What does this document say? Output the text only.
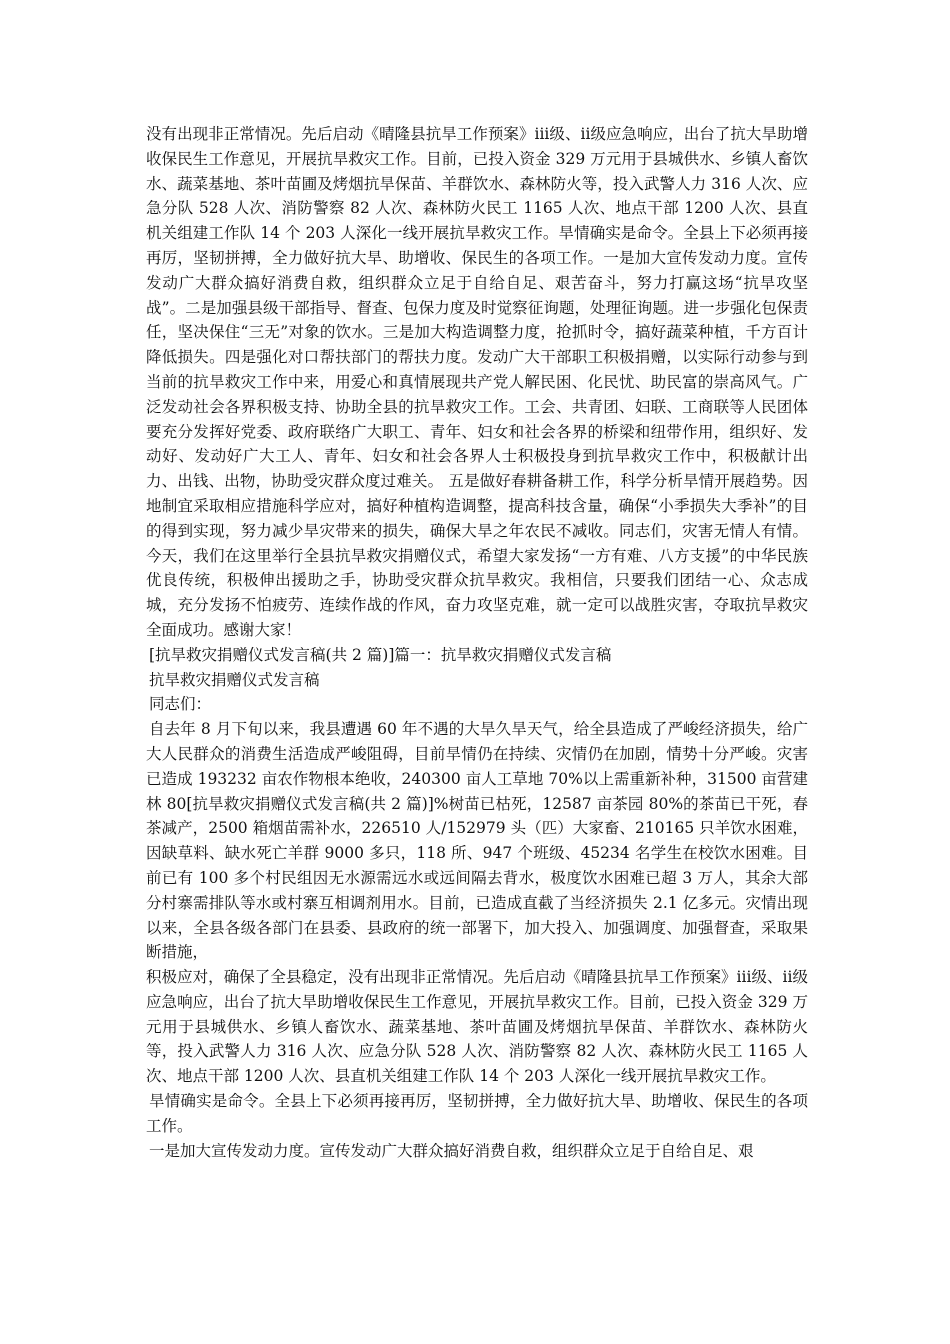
没有出现非正常情况。先后启动《晴隆县抗旱工作预案》iii级、ii级应急响应，出台了抗大旱助增收保民生工作意见，开展抗旱救灾工作。目前，已投入资金 329 万元用于县城供水、乡镇人畜饮水、蔬菜基地、茶叶苗圃及烤烟抗旱保苗、羊群饮水、森林防火等，投入武警人力 316 人次、应急分队 528 人次、消防警察 82 人次、森林防火民工 1165 人次、地点干部 1200 人次、县直机关组建工作队 14 个 203 人深化一线开展抗旱救灾工作。旱情确实是命令。全县上下必须再接再厉，坚韧拼搏，全力做好抗大旱、助增收、保民生的各项工作。一是加大宣传发动力度。宣传发动广大群众搞好消费自救，组织群众立足于自给自足、艰苦奋斗，努力打赢这场“抗旱攻坚战”。二是加强县级干部指导、督查、包保力度及时觉察征询题，处理征询题。进一步强化包保责任，坚决保住“三无”对象的饮水。三是加大构造调整力度，抢抓时令，搞好蔬菜种植，千方百计降低损失。四是强化对口帮扶部门的帮扶力度。发动广大干部职工积极捐赠，以实际行动参与到当前的抗旱救灾工作中来，用爱心和真情展现共产党人解民困、化民忧、助民富的崇高风气。广泛发动社会各界积极支持、协助全县的抗旱救灾工作。工会、共青团、妇联、工商联等人民团体要充分发挥好党委、政府联络广大职工、青年、妇女和社会各界的桥梁和纽带作用，组织好、发动好、发动好广大工人、青年、妇女和社会各界人士积极投身到抗旱救灾工作中，积极献计出力、出钱、出物，协助受灾群众度过难关。 五是做好春耕备耕工作，科学分析旱情开展趋势。因地制宜采取相应措施科学应对，搞好种植构造调整，提高科技含量，确保“小季损失大季补”的目的得到实现，努力减少旱灾带来的损失，确保大旱之年农民不减收。同志们，灾害无情人有情。今天，我们在这里举行全县抗旱救灾捐赠仪式，希望大家发扬“一方有难、八方支援”的中华民族优良传统，积极伸出援助之手，协助受灾群众抗旱救灾。我相信，只要我们团结一心、众志成城，充分发扬不怕疲劳、连续作战的作风，奋力攻坚克难，就一定可以战胜灾害，夺取抗旱救灾全面成功。感谢大家！

[抗旱救灾捐赠仪式发言稿(共 2 篇)]篇一：抗旱救灾捐赠仪式发言稿

抗旱救灾捐赠仪式发言稿

同志们：

自去年 8 月下旬以来，我县遭遇 60 年不遇的大旱久旱天气，给全县造成了严峻经济损失，给广大人民群众的消费生活造成严峻阻碍，目前旱情仍在持续、灾情仍在加剧，情势十分严峻。灾害已造成 193232 亩农作物根本绝收，240300 亩人工草地 70%以上需重新补种，31500 亩营建林 80[抗旱救灾捐赠仪式发言稿(共 2 篇)]%树苗已枯死，12587 亩茶园 80%的茶苗已干死，春茶减产，2500 箱烟苗需补水，226510 人/152979 头（匹）大家畜、210165 只羊饮水困难，因缺草料、缺水死亡羊群 9000 多只，118 所、947 个班级、45234 名学生在校饮水困难。目前已有 100 多个村民组因无水源需远水或远间隔去背水，极度饮水困难已超 3 万人，其余大部分村寨需排队等水或村寨互相调剂用水。目前，已造成直截了当经济损失 2.1 亿多元。灾情出现以来，全县各级各部门在县委、县政府的统一部署下，加大投入、加强调度、加强督查，采取果断措施，

积极应对，确保了全县稳定，没有出现非正常情况。先后启动《晴隆县抗旱工作预案》iii级、ii级应急响应，出台了抗大旱助增收保民生工作意见，开展抗旱救灾工作。目前，已投入资金 329 万元用于县城供水、乡镇人畜饮水、蔬菜基地、茶叶苗圃及烤烟抗旱保苗、羊群饮水、森林防火等，投入武警人力 316 人次、应急分队 528 人次、消防警察 82 人次、森林防火民工 1165 人次、地点干部 1200 人次、县直机关组建工作队 14 个 203 人深化一线开展抗旱救灾工作。

旱情确实是命令。全县上下必须再接再厉，坚韧拼搏，全力做好抗大旱、助增收、保民生的各项工作。

一是加大宣传发动力度。宣传发动广大群众搞好消费自救，组织群众立足于自给自足、艰
